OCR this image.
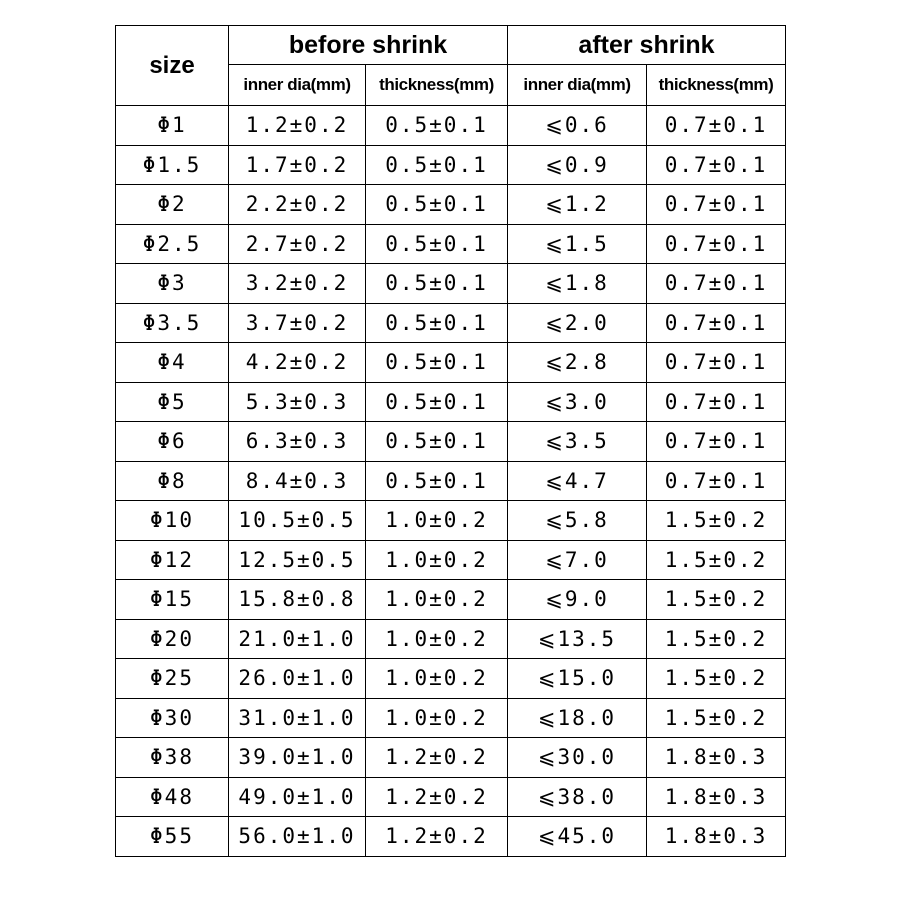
size	before shrink		after shrink	
	inner dia(mm)	thickness(mm)	inner dia(mm)	thickness(mm)
Φ1	1.2±0.2	0.5±0.1	⩽0.6	0.7±0.1
Φ1.5	1.7±0.2	0.5±0.1	⩽0.9	0.7±0.1
Φ2	2.2±0.2	0.5±0.1	⩽1.2	0.7±0.1
Φ2.5	2.7±0.2	0.5±0.1	⩽1.5	0.7±0.1
Φ3	3.2±0.2	0.5±0.1	⩽1.8	0.7±0.1
Φ3.5	3.7±0.2	0.5±0.1	⩽2.0	0.7±0.1
Φ4	4.2±0.2	0.5±0.1	⩽2.8	0.7±0.1
Φ5	5.3±0.3	0.5±0.1	⩽3.0	0.7±0.1
Φ6	6.3±0.3	0.5±0.1	⩽3.5	0.7±0.1
Φ8	8.4±0.3	0.5±0.1	⩽4.7	0.7±0.1
Φ10	10.5±0.5	1.0±0.2	⩽5.8	1.5±0.2
Φ12	12.5±0.5	1.0±0.2	⩽7.0	1.5±0.2
Φ15	15.8±0.8	1.0±0.2	⩽9.0	1.5±0.2
Φ20	21.0±1.0	1.0±0.2	⩽13.5	1.5±0.2
Φ25	26.0±1.0	1.0±0.2	⩽15.0	1.5±0.2
Φ30	31.0±1.0	1.0±0.2	⩽18.0	1.5±0.2
Φ38	39.0±1.0	1.2±0.2	⩽30.0	1.8±0.3
Φ48	49.0±1.0	1.2±0.2	⩽38.0	1.8±0.3
Φ55	56.0±1.0	1.2±0.2	⩽45.0	1.8±0.3
